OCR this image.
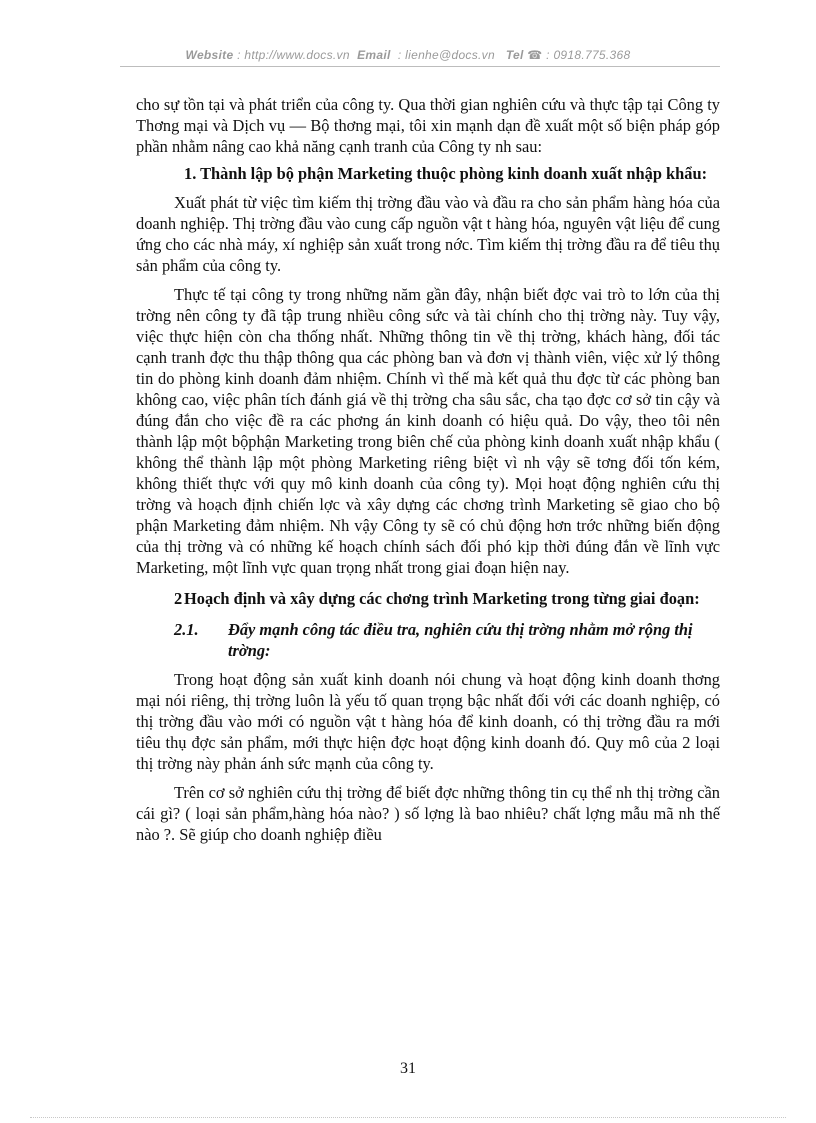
Website : http://www.docs.vn Email : lienhe@docs.vn Tel ☎ : 0918.775.368

cho sự tồn tại và phát triển của công ty. Qua thời gian nghiên cứu và thực tập tại Công ty Thơng mại và Dịch vụ — Bộ thơng mại, tôi xin mạnh dạn đề xuất một số biện pháp góp phần nhằm nâng cao khả năng cạnh tranh của Công ty nh sau:

1. Thành lập bộ phận Marketing thuộc phòng kinh doanh xuất nhập khẩu:

Xuất phát từ việc tìm kiếm thị trờng đầu vào và đầu ra cho sản phẩm hàng hóa của doanh nghiệp. Thị trờng đầu vào cung cấp nguồn vật t hàng hóa, nguyên vật liệu để cung ứng cho các nhà máy, xí nghiệp sản xuất trong nớc. Tìm kiếm thị trờng đầu ra để tiêu thụ sản phẩm của công ty.

Thực tế tại công ty trong những năm gần đây, nhận biết đợc vai trò to lớn của thị trờng nên công ty đã tập trung nhiều công sức và tài chính cho thị trờng này. Tuy vậy, việc thực hiện còn cha thống nhất. Những thông tin về thị trờng, khách hàng, đối tác cạnh tranh đợc thu thập thông qua các phòng ban và đơn vị thành viên, việc xử lý thông tin do phòng kinh doanh đảm nhiệm. Chính vì thế mà kết quả thu đợc từ các phòng ban không cao, việc phân tích đánh giá về thị trờng cha sâu sắc, cha tạo đợc cơ sở tin cậy và đúng đắn cho việc đề ra các phơng án kinh doanh có hiệu quả. Do vậy, theo tôi nên thành lập một bộphận Marketing trong biên chế của phòng kinh doanh xuất nhập khẩu ( không thể thành lập một phòng Marketing riêng biệt vì nh vậy sẽ tơng đối tốn kém, không thiết thực với quy mô kinh doanh của công ty). Mọi hoạt động nghiên cứu thị trờng và hoạch định chiến lợc và xây dựng các chơng trình Marketing sẽ giao cho bộ phận Marketing đảm nhiệm. Nh vậy Công ty sẽ có chủ động hơn trớc những biến động của thị trờng và có những kế hoạch chính sách đối phó kịp thời đúng đắn về lĩnh vực Marketing, một lĩnh vực quan trọng nhất trong giai đoạn hiện nay.

2 Hoạch định và xây dựng các chơng trình Marketing trong từng giai đoạn:
2.1. Đẩy mạnh công tác điều tra, nghiên cứu thị trờng nhằm mở rộng thị trờng:

Trong hoạt động sản xuất kinh doanh nói chung và hoạt động kinh doanh thơng mại nói riêng, thị trờng luôn là yếu tố quan trọng bậc nhất đối với các doanh nghiệp, có thị trờng đầu vào mới có nguồn vật t hàng hóa để kinh doanh, có thị trờng đầu ra mới tiêu thụ đợc sản phẩm, mới thực hiện đợc hoạt động kinh doanh đó. Quy mô của 2 loại thị trờng này phản ánh sức mạnh của công ty.

Trên cơ sở nghiên cứu thị trờng để biết đợc những thông tin cụ thể nh thị trờng cần cái gì? ( loại sản phẩm,hàng hóa nào? ) số lợng là bao nhiêu? chất lợng mẫu mã nh thế nào ?. Sẽ giúp cho doanh nghiệp điều

31
